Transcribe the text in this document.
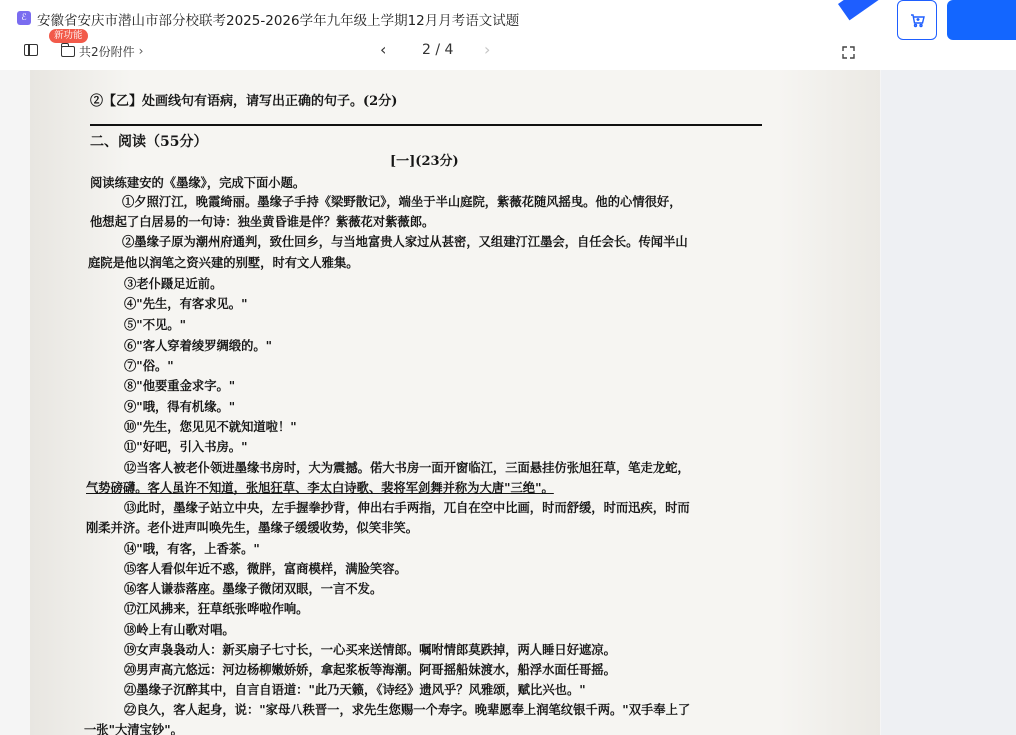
ℰ 安徽省安庆市潜山市部分校联考2025-2026学年九年级上学期12月月考语文试题
新功能
共2份附件 ›	‹	2 / 4 ›
②【乙】处画线句有语病，请写出正确的句子。(2分)
二、阅读（55分）
[一](23分)
阅读练建安的《墨缘》，完成下面小题。
①夕照汀江，晚霞绮丽。墨缘子手持《梁野散记》，端坐于半山庭院，紫薇花随风摇曳。他的心情很好，
他想起了白居易的一句诗：独坐黄昏谁是伴？紫薇花对紫薇郎。
②墨缘子原为潮州府通判，致仕回乡，与当地富贵人家过从甚密，又组建汀江墨会，自任会长。传闻半山
庭院是他以润笔之资兴建的别墅，时有文人雅集。
③老仆蹑足近前。
④"先生，有客求见。"
⑤"不见。"
⑥"客人穿着绫罗绸缎的。"
⑦"俗。"
⑧"他要重金求字。"
⑨"哦，得有机缘。"
⑩"先生，您见见不就知道啦！"
⑪"好吧，引入书房。"
⑫当客人被老仆领进墨缘书房时，大为震撼。偌大书房一面开窗临江，三面悬挂仿张旭狂草，笔走龙蛇，
气势磅礴。客人虽许不知道，张旭狂草、李太白诗歌、裴将军剑舞并称为大唐"三绝"。
⑬此时，墨缘子站立中央，左手握拳抄背，伸出右手两指，兀自在空中比画，时而舒缓，时而迅疾，时而
刚柔并济。老仆进声叫唤先生，墨缘子缓缓收势，似笑非笑。
⑭"哦，有客，上香茶。"
⑮客人看似年近不惑，微胖，富商模样，满脸笑容。
⑯客人谦恭落座。墨缘子微闭双眼，一言不发。
⑰江风拂来，狂草纸张哗啦作响。
⑱岭上有山歌对唱。
⑲女声袅袅动人：新买扇子七寸长，一心买来送情郎。嘱咐情郎莫跌掉，两人睡日好遮凉。
⑳男声高亢悠远：河边杨柳嫩娇娇，拿起浆板等海潮。阿哥摇船妹渡水，船浮水面任哥摇。
㉑墨缘子沉醉其中，自言自语道："此乃天籁，《诗经》遗风乎？风雅颂，赋比兴也。"
㉒良久，客人起身，说："家母八秩晋一，求先生您赐一个寿字。晚辈愿奉上润笔纹银千两。"双手奉上了
一张"大清宝钞"。
